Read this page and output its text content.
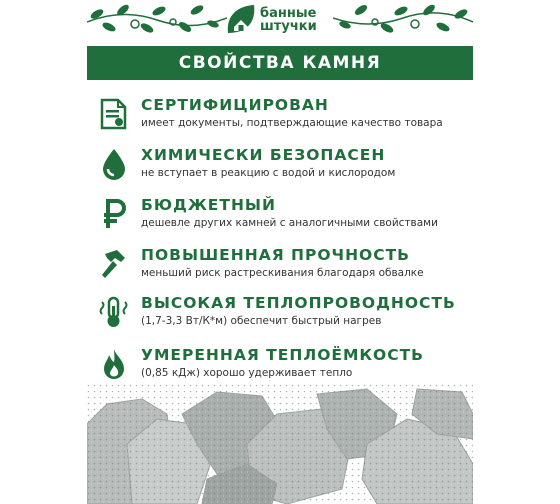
банные
штучки
СВОЙСТВА КАМНЯ
СЕРТИФИЦИРОВАН
имеет документы, подтверждающие качество товара
ХИМИЧЕСКИ БЕЗОПАСЕН
не вступает в реакцию с водой и кислородом
БЮДЖЕТНЫЙ
дешевле других камней с аналогичными свойствами
ПОВЫШЕННАЯ ПРОЧНОСТЬ
меньший риск растрескивания благодаря обвалке
ВЫСОКАЯ ТЕПЛОПРОВОДНОСТЬ
(1,7-3,3 Вт/К*м) обеспечит быстрый нагрев
УМЕРЕННАЯ ТЕПЛОЁМКОСТЬ
(0,85 кДж) хорошо удерживает тепло
